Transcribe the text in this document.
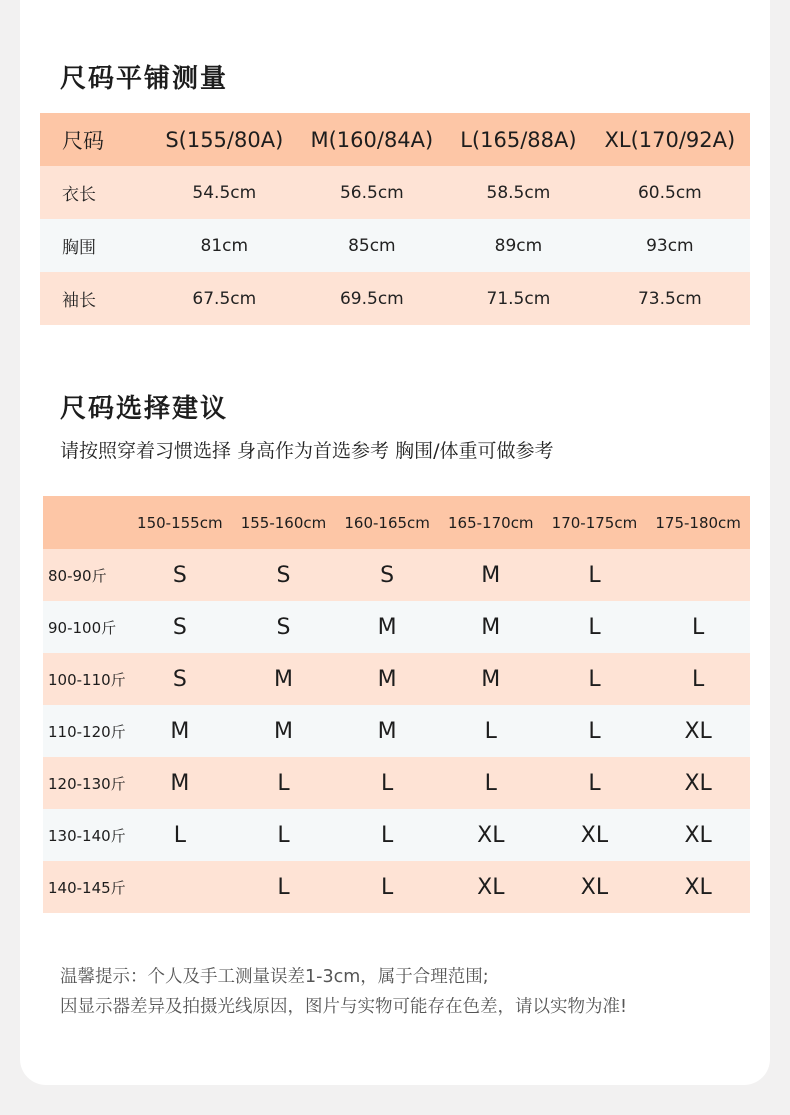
尺码平铺测量
尺码	S(155/80A)	M(160/84A)	L(165/88A)	XL(170/92A)
衣长	54.5cm	56.5cm	58.5cm	60.5cm
胸围	81cm	85cm	89cm	93cm
袖长	67.5cm	69.5cm	71.5cm	73.5cm
尺码选择建议
请按照穿着习惯选择 身高作为首选参考 胸围/体重可做参考
	150-155cm	155-160cm	160-165cm	165-170cm	170-175cm	175-180cm
80-90斤	S	S	S	M	L	
90-100斤	S	S	M	M	L	L
100-110斤	S	M	M	M	L	L
110-120斤	M	M	M	L	L	XL
120-130斤	M	L	L	L	L	XL
130-140斤	L	L	L	XL	XL	XL
140-145斤		L	L	XL	XL	XL
温馨提示：个人及手工测量误差1-3cm，属于合理范围;
因显示器差异及拍摄光线原因，图片与实物可能存在色差，请以实物为准!
